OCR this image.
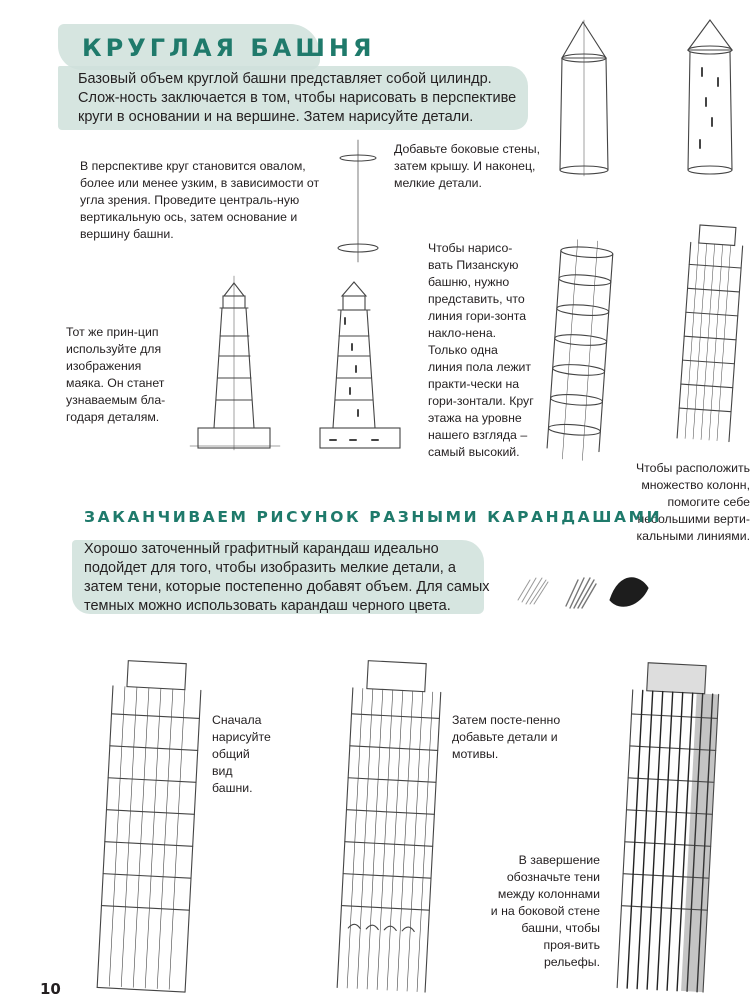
КРУГЛАЯ БАШНЯ
Базовый объем круглой башни представляет собой цилиндр. Слож-ность заключается в том, чтобы нарисовать в перспективе круги в основании и на вершине. Затем нарисуйте детали.
В перспективе круг становится овалом, более или менее узким, в зависимости от угла зрения. Проведите централь-ную вертикальную ось, затем основание и вершину башни.
Добавьте боковые стены, затем крышу. И наконец, мелкие детали.
Тот же прин-цип используйте для изображения маяка. Он станет узнаваемым бла-годаря деталям.
Чтобы нарисо-вать Пизанскую башню, нужно представить, что линия гори-зонта накло-нена. Только одна линия пола лежит практи-чески на гори-зонтали. Круг этажа на уровне нашего взгляда – самый высокий.
Чтобы расположить множество колонн, помогите себе небольшими верти-кальными линиями.
ЗАКАНЧИВАЕМ РИСУНОК РАЗНЫМИ КАРАНДАШАМИ
Хорошо заточенный графитный карандаш идеально подойдет для того, чтобы изобразить мелкие детали, а затем тени, которые постепенно добавят объем. Для самых темных можно использовать карандаш черного цвета.
Сначала нарисуйте общий вид башни.
Затем посте-пенно добавьте детали и мотивы.
В завершение обозначьте тени между колоннами и на боковой стене башни, чтобы проя-вить рельефы.
10
